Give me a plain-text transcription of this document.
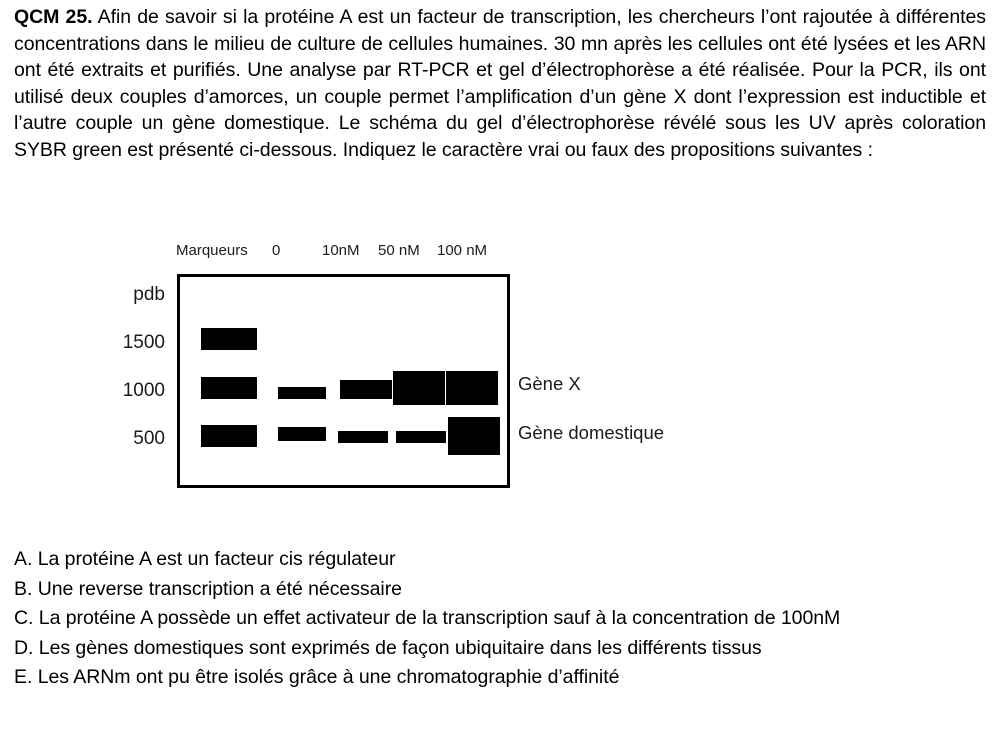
QCM 25. Afin de savoir si la protéine A est un facteur de transcription, les chercheurs l’ont rajoutée à différentes concentrations dans le milieu de culture de cellules humaines. 30 mn après les cellules ont été lysées et les ARN ont été extraits et purifiés. Une analyse par RT-PCR et gel d’électrophorèse a été réalisée. Pour la PCR, ils ont utilisé deux couples d’amorces, un couple permet l’amplification d’un gène X dont l’expression est inductible et l’autre couple un gène domestique. Le schéma du gel d’électrophorèse révélé sous les UV après coloration SYBR green est présenté ci-dessous. Indiquez le caractère vrai ou faux des propositions suivantes :
Marqueurs 0	10nM 50 nM 100 nM
pdb
1500
1000
500
Gène X
Gène domestique
A. La protéine A est un facteur cis régulateur
B. Une reverse transcription a été nécessaire
C. La protéine A possède un effet activateur de la transcription sauf à la concentration de 100nM
D. Les gènes domestiques sont exprimés de façon ubiquitaire dans les différents tissus
E. Les ARNm ont pu être isolés grâce à une chromatographie d’affinité
